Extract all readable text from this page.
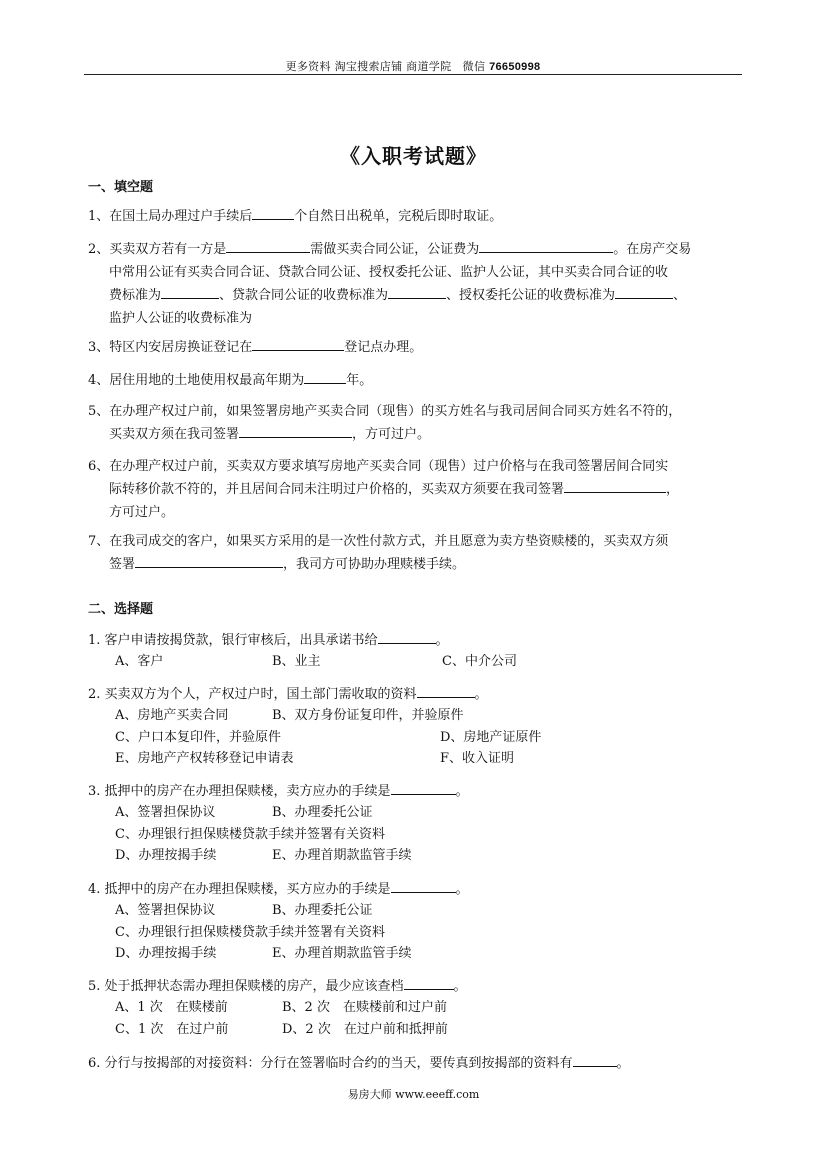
更多资料 淘宝搜索店铺 商道学院　微信 76650998
《入职考试题》
一、填空题
1、在国土局办理过户手续后	个自然日出税单，完税后即时取证。
2、买卖双方若有一方是	需做买卖合同公证，公证费为	。在房产交易
中常用公证有买卖合同合证、贷款合同公证、授权委托公证、监护人公证，其中买卖合同合证的收
费标准为	、贷款合同公证的收费标准为	、授权委托公证的收费标准为	、
监护人公证的收费标准为
3、特区内安居房换证登记在	登记点办理。
4、居住用地的土地使用权最高年期为	年。
5、在办理产权过户前，如果签署房地产买卖合同（现售）的买方姓名与我司居间合同买方姓名不符的，
买卖双方须在我司签署	，方可过户。
6、在办理产权过户前，买卖双方要求填写房地产买卖合同（现售）过户价格与在我司签署居间合同实
际转移价款不符的，并且居间合同未注明过户价格的，买卖双方须要在我司签署	，
方可过户。
7、在我司成交的客户，如果买方采用的是一次性付款方式，并且愿意为卖方垫资赎楼的，买卖双方须
签署	，我司方可协助办理赎楼手续。
二、选择题
1. 客户申请按揭贷款，银行审核后，出具承诺书给	。
A、客户	B、业主	C、中介公司
2. 买卖双方为个人，产权过户时，国土部门需收取的资料	。
A、房地产买卖合同	B、双方身份证复印件，并验原件
C、户口本复印件，并验原件	D、房地产证原件
E、房地产产权转移登记申请表	F、收入证明
3. 抵押中的房产在办理担保赎楼，卖方应办的手续是	。
A、签署担保协议	B、办理委托公证
C、办理银行担保赎楼贷款手续并签署有关资料
D、办理按揭手续	E、办理首期款监管手续
4. 抵押中的房产在办理担保赎楼，买方应办的手续是	。
A、签署担保协议	B、办理委托公证
C、办理银行担保赎楼贷款手续并签署有关资料
D、办理按揭手续	E、办理首期款监管手续
5. 处于抵押状态需办理担保赎楼的房产，最少应该查档	。
A、1 次　在赎楼前	B、2 次　在赎楼前和过户前
C、1 次　在过户前	D、2 次　在过户前和抵押前
6. 分行与按揭部的对接资料：分行在签署临时合约的当天，要传真到按揭部的资料有	。
易房大师 www.eeeff.com
